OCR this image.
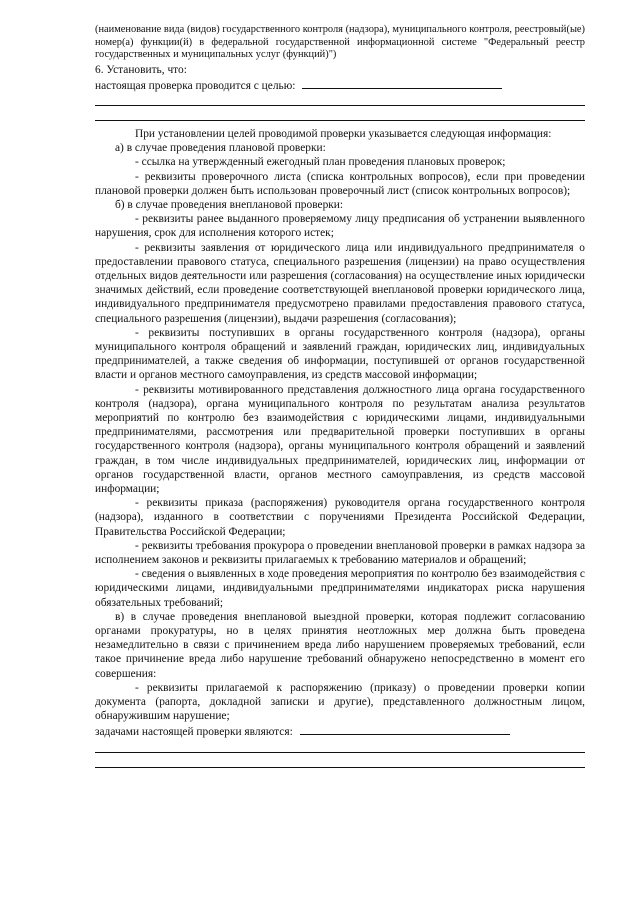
(наименование вида (видов) государственного контроля (надзора), муниципального контроля, реестровый(ые) номер(а) функции(й) в федеральной государственной информационной системе "Федеральный реестр государственных и муниципальных услуг (функций)")
6. Установить, что:
настоящая проверка проводится с целью:

При установлении целей проводимой проверки указывается следующая информация:

а) в случае проведения плановой проверки:

- ссылка на утвержденный ежегодный план проведения плановых проверок;

- реквизиты проверочного листа (списка контрольных вопросов), если при проведении плановой проверки должен быть использован проверочный лист (список контрольных вопросов);

б) в случае проведения внеплановой проверки:

- реквизиты ранее выданного проверяемому лицу предписания об устранении выявленного нарушения, срок для исполнения которого истек;

- реквизиты заявления от юридического лица или индивидуального предпринимателя о предоставлении правового статуса, специального разрешения (лицензии) на право осуществления отдельных видов деятельности или разрешения (согласования) на осуществление иных юридически значимых действий, если проведение соответствующей внеплановой проверки юридического лица, индивидуального предпринимателя предусмотрено правилами предоставления правового статуса, специального разрешения (лицензии), выдачи разрешения (согласования);

- реквизиты поступивших в органы государственного контроля (надзора), органы муниципального контроля обращений и заявлений граждан, юридических лиц, индивидуальных предпринимателей, а также сведения об информации, поступившей от органов государственной власти и органов местного самоуправления, из средств массовой информации;

- реквизиты мотивированного представления должностного лица органа государственного контроля (надзора), органа муниципального контроля по результатам анализа результатов мероприятий по контролю без взаимодействия с юридическими лицами, индивидуальными предпринимателями, рассмотрения или предварительной проверки поступивших в органы государственного контроля (надзора), органы муниципального контроля обращений и заявлений граждан, в том числе индивидуальных предпринимателей, юридических лиц, информации от органов государственной власти, органов местного самоуправления, из средств массовой информации;

- реквизиты приказа (распоряжения) руководителя органа государственного контроля (надзора), изданного в соответствии с поручениями Президента Российской Федерации, Правительства Российской Федерации;

- реквизиты требования прокурора о проведении внеплановой проверки в рамках надзора за исполнением законов и реквизиты прилагаемых к требованию материалов и обращений;

- сведения о выявленных в ходе проведения мероприятия по контролю без взаимодействия с юридическими лицами, индивидуальными предпринимателями индикаторах риска нарушения обязательных требований;

в) в случае проведения внеплановой выездной проверки, которая подлежит согласованию органами прокуратуры, но в целях принятия неотложных мер должна быть проведена незамедлительно в связи с причинением вреда либо нарушением проверяемых требований, если такое причинение вреда либо нарушение требований обнаружено непосредственно в момент его совершения:

- реквизиты прилагаемой к распоряжению (приказу) о проведении проверки копии документа (рапорта, докладной записки и другие), представленного должностным лицом, обнаружившим нарушение;

задачами настоящей проверки являются:
